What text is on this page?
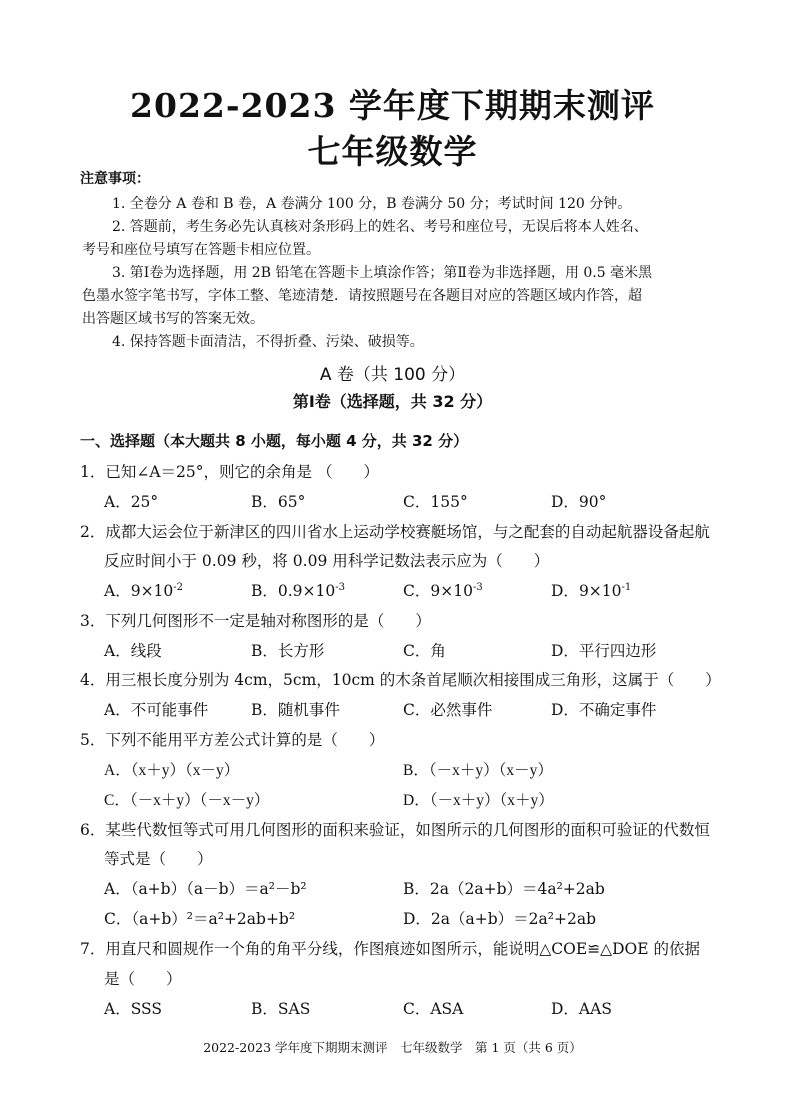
2022-2023 学年度下期期末测评
七年级数学
注意事项：
1. 全卷分 A 卷和 B 卷，A 卷满分 100 分，B 卷满分 50 分；考试时间 120 分钟。
2. 答题前，考生务必先认真核对条形码上的姓名、考号和座位号，无误后将本人姓名、
考号和座位号填写在答题卡相应位置。
3. 第Ⅰ卷为选择题，用 2B 铅笔在答题卡上填涂作答；第Ⅱ卷为非选择题，用 0.5 毫米黑
色墨水签字笔书写，字体工整、笔迹清楚．请按照题号在各题目对应的答题区域内作答，超
出答题区域书写的答案无效。
4. 保持答题卡面清洁，不得折叠、污染、破损等。
A 卷（共 100 分）
第Ⅰ卷（选择题，共 32 分）
一、选择题（本大题共 8 小题，每小题 4 分，共 32 分）
1．已知∠A＝25°，则它的余角是 （　　）
A．25°	B．65°	C．155°	D．90°
2．成都大运会位于新津区的四川省水上运动学校赛艇场馆，与之配套的自动起航器设备起航
反应时间小于 0.09 秒，将 0.09 用科学记数法表示应为（　　）
A．$9\times 10^{-2}$	B．$0.9\times 10^{-3}$	C．$9\times 10^{-3}$	D．$9\times 10^{-1}$
3．下列几何图形不一定是轴对称图形的是（　　）
A．线段	B．长方形	C．角	D．平行四边形
4．用三根长度分别为 4cm，5cm，10cm 的木条首尾顺次相接围成三角形，这属于（　　）
A．不可能事件	B．随机事件	C．必然事件	D．不确定事件
5．下列不能用平方差公式计算的是（　　）
A．（x＋y）（x－y）	B．（－x＋y）（x－y）
C．（－x＋y）（－x－y）	D．（－x＋y）（x＋y）
6．某些代数恒等式可用几何图形的面积来验证，如图所示的几何图形的面积可验证的代数恒
等式是（　　）
A．（a+b）（a－b）＝a²－b²	B．2a（2a+b）＝4a²+2ab
C．（a+b）²＝a²+2ab+b²	D．2a（a+b）＝2a²+2ab
7．用直尺和圆规作一个角的角平分线，作图痕迹如图所示，能说明△COE≌△DOE 的依据
是（　　）
A．SSS	B．SAS	C．ASA	D．AAS
2022-2023 学年度下期期末测评　七年级数学　第 1 页（共 6 页）
